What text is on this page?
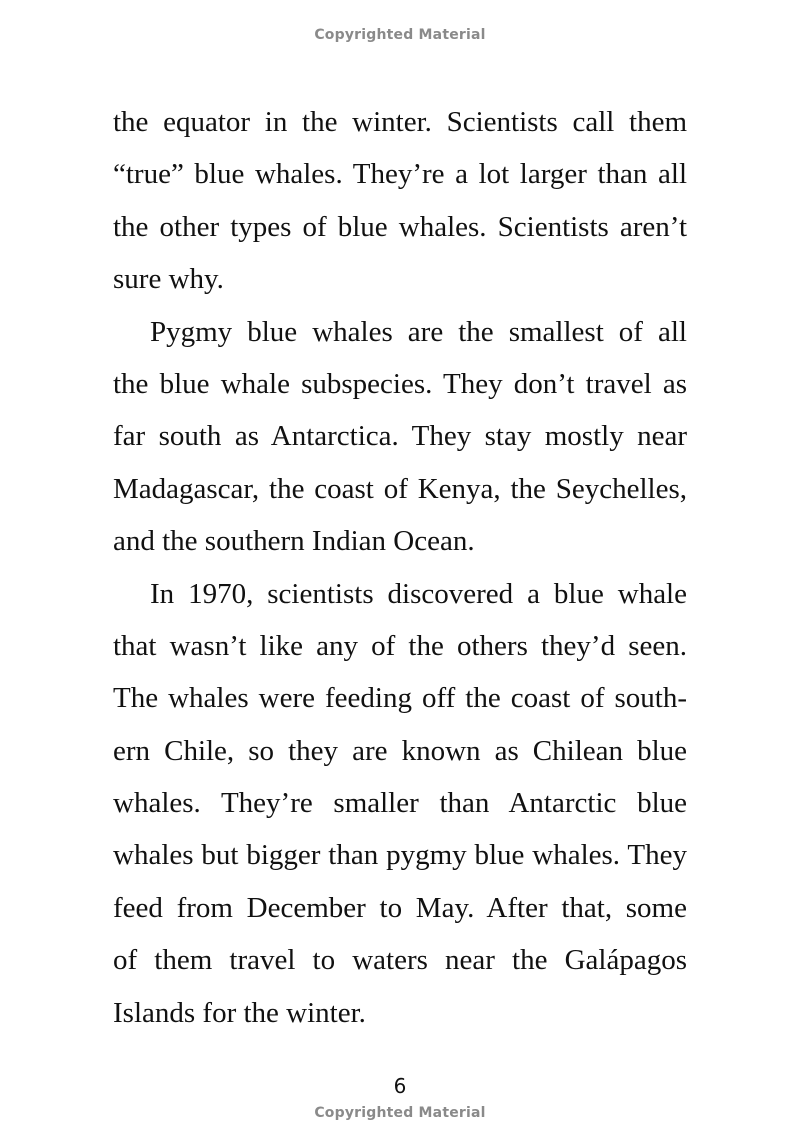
Copyrighted Material
the equator in the winter. Scientists call them
“true” blue whales. They’re a lot larger than all
the other types of blue whales. Scientists aren’t
sure why.
Pygmy blue whales are the smallest of all
the blue whale subspecies. They don’t travel as
far south as Antarctica. They stay mostly near
Madagascar, the coast of Kenya, the Seychelles,
and the southern Indian Ocean.
In 1970, scientists discovered a blue whale
that wasn’t like any of the others they’d seen.
The whales were feeding off the coast of south-
ern Chile, so they are known as Chilean blue
whales. They’re smaller than Antarctic blue
whales but bigger than pygmy blue whales. They
feed from December to May. After that, some
of them travel to waters near the Galápagos
Islands for the winter.
6
Copyrighted Material
